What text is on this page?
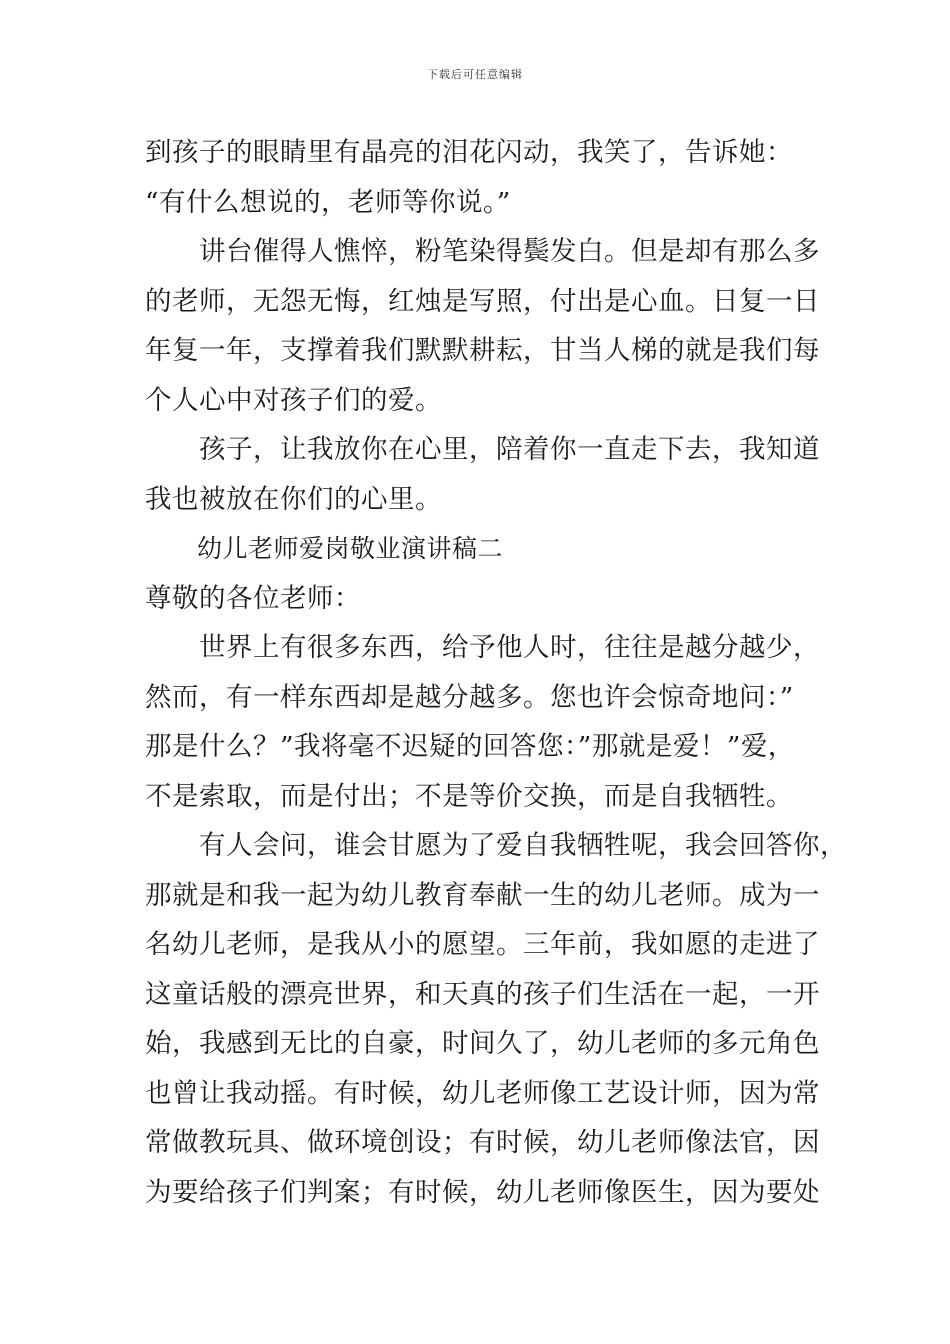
下载后可任意编辑
到孩子的眼睛里有晶亮的泪花闪动，我笑了，告诉她：
“有什么想说的，老师等你说。”
讲台催得人憔悴，粉笔染得鬓发白。但是却有那么多
的老师，无怨无悔，红烛是写照，付出是心血。日复一日
年复一年，支撑着我们默默耕耘，甘当人梯的就是我们每
个人心中对孩子们的爱。
孩子，让我放你在心里，陪着你一直走下去，我知道
我也被放在你们的心里。
幼儿老师爱岗敬业演讲稿二
尊敬的各位老师：
世界上有很多东西，给予他人时，往往是越分越少，
然而，有一样东西却是越分越多。您也许会惊奇地问：”
那是什么？”我将毫不迟疑的回答您：”那就是爱！”爱，
不是索取，而是付出；不是等价交换，而是自我牺牲。
有人会问，谁会甘愿为了爱自我牺牲呢，我会回答你，
那就是和我一起为幼儿教育奉献一生的幼儿老师。成为一
名幼儿老师，是我从小的愿望。三年前，我如愿的走进了
这童话般的漂亮世界，和天真的孩子们生活在一起，一开
始，我感到无比的自豪，时间久了，幼儿老师的多元角色
也曾让我动摇。有时候，幼儿老师像工艺设计师，因为常
常做教玩具、做环境创设；有时候，幼儿老师像法官，因
为要给孩子们判案；有时候，幼儿老师像医生，因为要处
